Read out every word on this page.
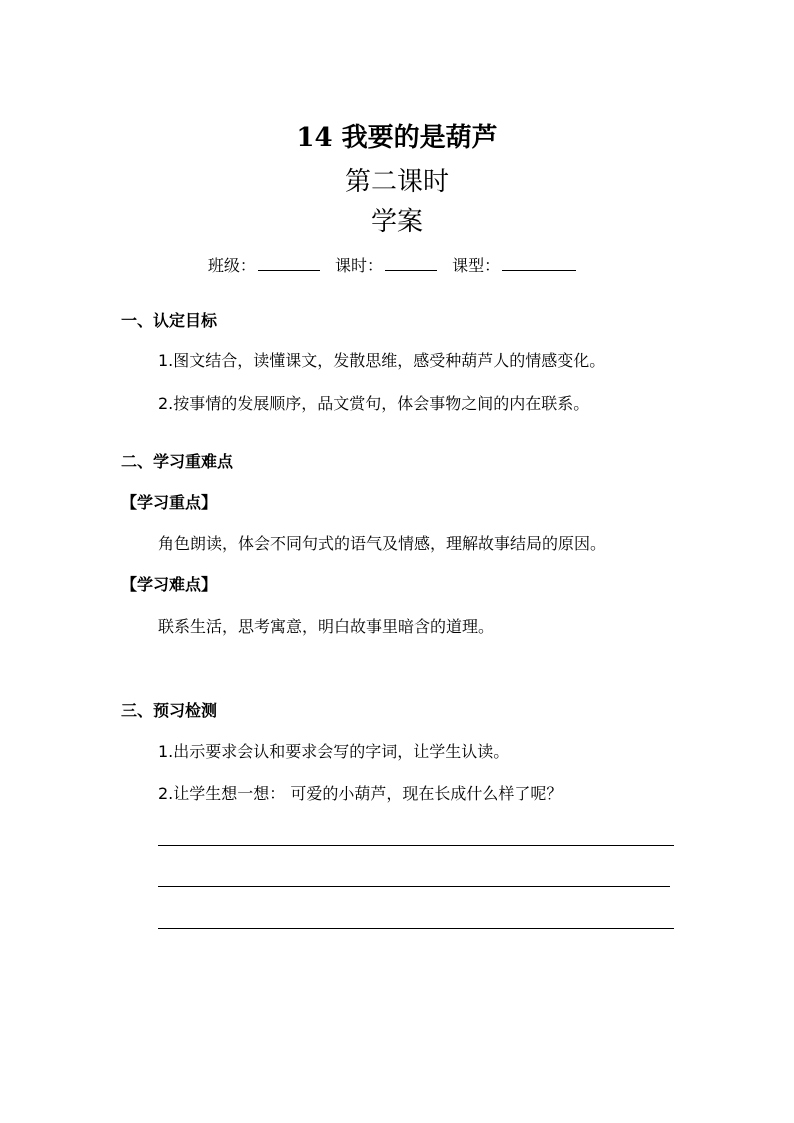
14 我要的是葫芦
第二课时
学案
班级：	课时：	课型：
一、认定目标
1.图文结合，读懂课文，发散思维，感受种葫芦人的情感变化。
2.按事情的发展顺序，品文赏句，体会事物之间的内在联系。
二、学习重难点
【学习重点】
角色朗读，体会不同句式的语气及情感，理解故事结局的原因。
【学习难点】
联系生活，思考寓意，明白故事里暗含的道理。
三、预习检测
1.出示要求会认和要求会写的字词，让学生认读。
2.让学生想一想： 可爱的小葫芦，现在长成什么样了呢？
